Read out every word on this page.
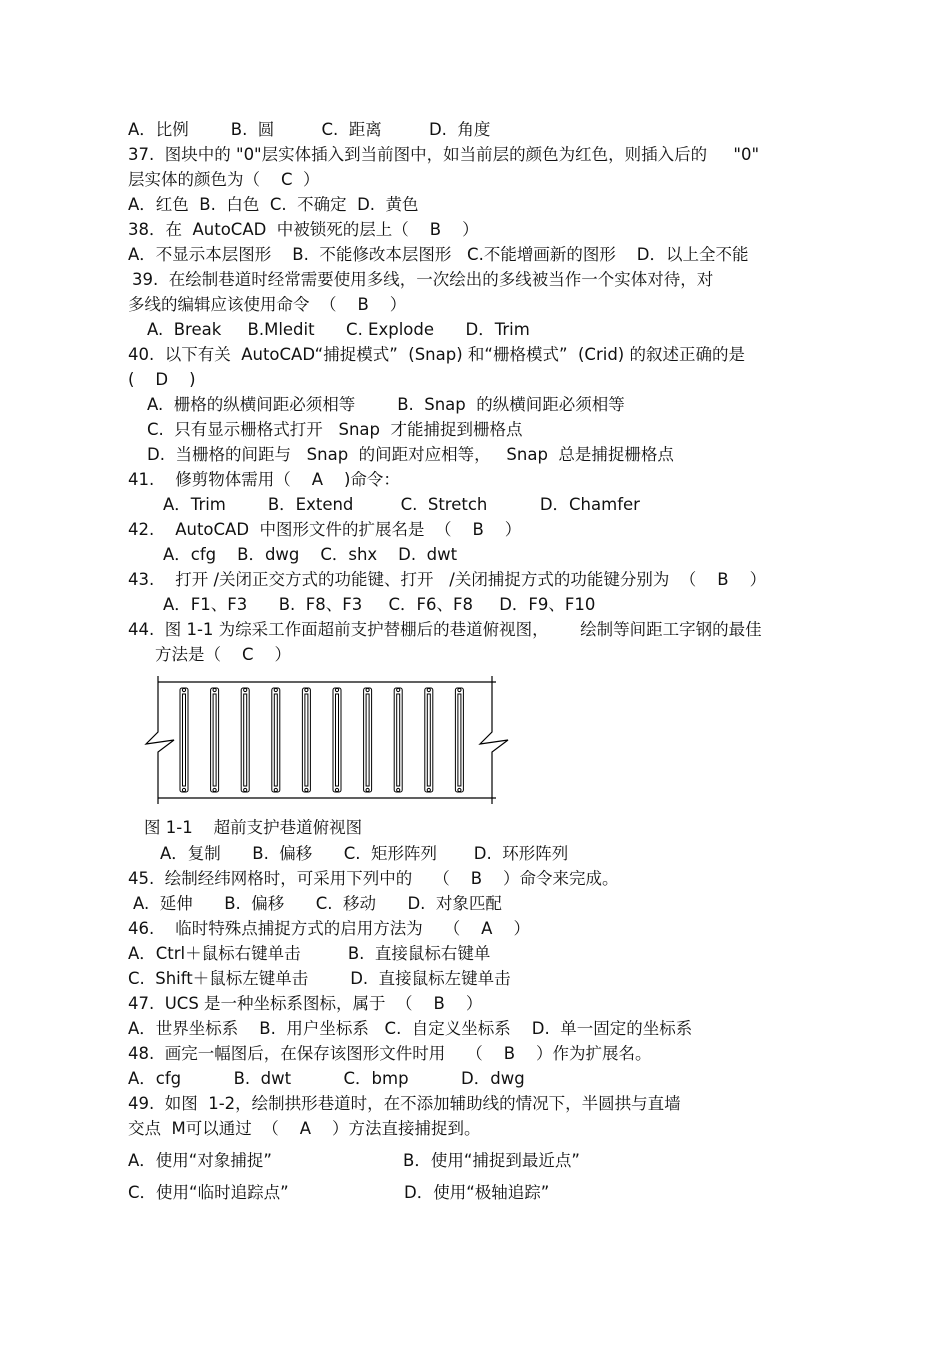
A．比例        B.  圆         C.  距离         D.  角度
37.  图块中的 "0"层实体插入到当前图中，如当前层的颜色为红色，则插入后的     "0"
层实体的颜色为（    C  ）
A．红色  B.  白色  C.  不确定  D.  黄色
38．在  AutoCAD  中被锁死的层上（    B    ）
A．不显示本层图形    B.  不能修改本层图形   C.不能增画新的图形    D．以上全不能
39.  在绘制巷道时经常需要使用多线，一次绘出的多线被当作一个实体对待，对
多线的编辑应该使用命令  （    B    ）
A.  Break     B.Mledit      C. Explode      D．Trim
40.  以下有关  AutoCAD“捕捉模式”  (Snap) 和“栅格模式”  (Crid) 的叙述正确的是
(    D    )
A.  栅格的纵横间距必须相等        B.  Snap  的纵横间距必须相等
C.  只有显示栅格式打开   Snap  才能捕捉到栅格点
D.  当栅格的间距与   Snap  的间距对应相等，   Snap  总是捕捉栅格点
41.    修剪物体需用（    A    )命令：
A．Trim        B．Extend         C.  Stretch          D．Chamfer
42.    AutoCAD  中图形文件的扩展名是  （    B    ）
A．cfg    B．dwg    C．shx    D.  dwt
43.    打开 /关闭正交方式的功能键、打开   /关闭捕捉方式的功能键分别为  （    B    ）
A．F1、F3      B.  F8、F3     C．F6、F8     D．F9、F10
44.  图 1-1 为综采工作面超前支护替棚后的巷道俯视图，      绘制等间距工字钢的最佳
方法是（    C    ）
图 1-1    超前支护巷道俯视图
A．复制      B.  偏移      C.  矩形阵列       D.  环形阵列
45.  绘制经纬网格时，可采用下列中的    （    B    ）命令来完成。
A.  延伸      B.  偏移      C.  移动      D.  对象匹配
46.    临时特殊点捕捉方式的启用方法为    （    A    ）
A．Ctrl＋鼠标右键单击         B.  直接鼠标右键单
C.  Shift＋鼠标左键单击        D.  直接鼠标左键单击
47.  UCS 是一种坐标系图标，属于  （    B    ）
A．世界坐标系    B.  用户坐标系   C.  自定义坐标系    D.  单一固定的坐标系
48.  画完一幅图后，在保存该图形文件时用    （    B    ）作为扩展名。
A．cfg          B.  dwt          C．bmp          D．dwg
49.  如图  1-2，绘制拱形巷道时，在不添加辅助线的情况下，半圆拱与直墙
交点  M可以通过  （    A    ）方法直接捕捉到。
A．使用“对象捕捉”                         B．使用“捕捉到最近点”
C．使用“临时追踪点”                      D．使用“极轴追踪”
